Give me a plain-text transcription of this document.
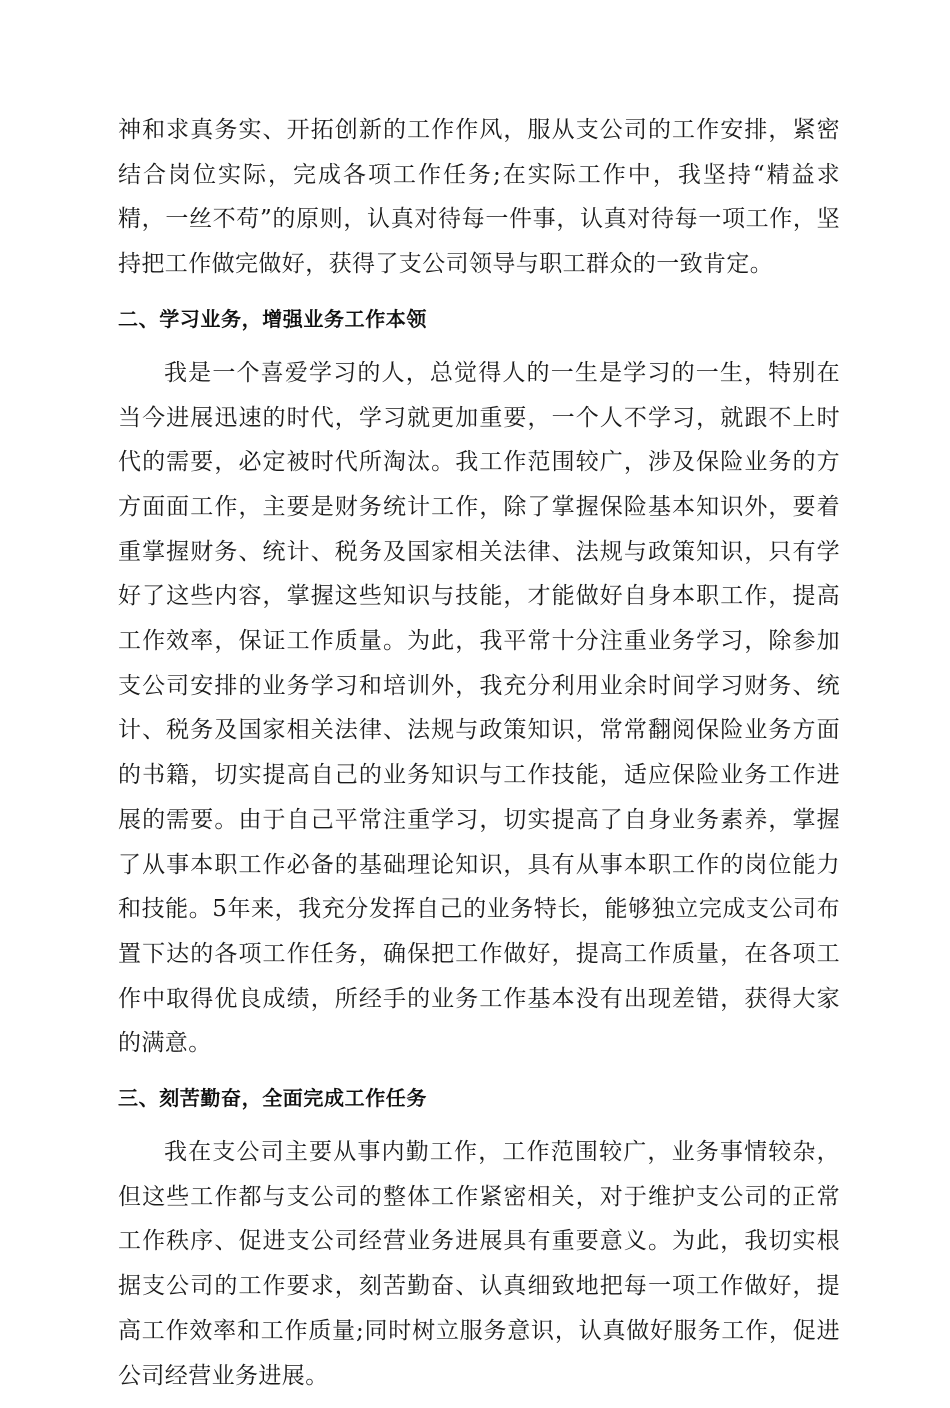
神和求真务实、开拓创新的工作作风，服从支公司的工作安排，紧密结合岗位实际，完成各项工作任务;在实际工作中，我坚持“精益求精，一丝不苟”的原则，认真对待每一件事，认真对待每一项工作，坚持把工作做完做好，获得了支公司领导与职工群众的一致肯定。

二、学习业务，增强业务工作本领

我是一个喜爱学习的人，总觉得人的一生是学习的一生，特别在当今进展迅速的时代，学习就更加重要，一个人不学习，就跟不上时代的需要，必定被时代所淘汰。我工作范围较广，涉及保险业务的方方面面工作，主要是财务统计工作，除了掌握保险基本知识外，要着重掌握财务、统计、税务及国家相关法律、法规与政策知识，只有学好了这些内容，掌握这些知识与技能，才能做好自身本职工作，提高工作效率，保证工作质量。为此，我平常十分注重业务学习，除参加支公司安排的业务学习和培训外，我充分利用业余时间学习财务、统计、税务及国家相关法律、法规与政策知识，常常翻阅保险业务方面的书籍，切实提高自己的业务知识与工作技能，适应保险业务工作进展的需要。由于自己平常注重学习，切实提高了自身业务素养，掌握了从事本职工作必备的基础理论知识，具有从事本职工作的岗位能力和技能。5年来，我充分发挥自己的业务特长，能够独立完成支公司布置下达的各项工作任务，确保把工作做好，提高工作质量，在各项工作中取得优良成绩，所经手的业务工作基本没有出现差错，获得大家的满意。

三、刻苦勤奋，全面完成工作任务

我在支公司主要从事内勤工作，工作范围较广，业务事情较杂，但这些工作都与支公司的整体工作紧密相关，对于维护支公司的正常工作秩序、促进支公司经营业务进展具有重要意义。为此，我切实根据支公司的工作要求，刻苦勤奋、认真细致地把每一项工作做好，提高工作效率和工作质量;同时树立服务意识，认真做好服务工作，促进公司经营业务进展。
